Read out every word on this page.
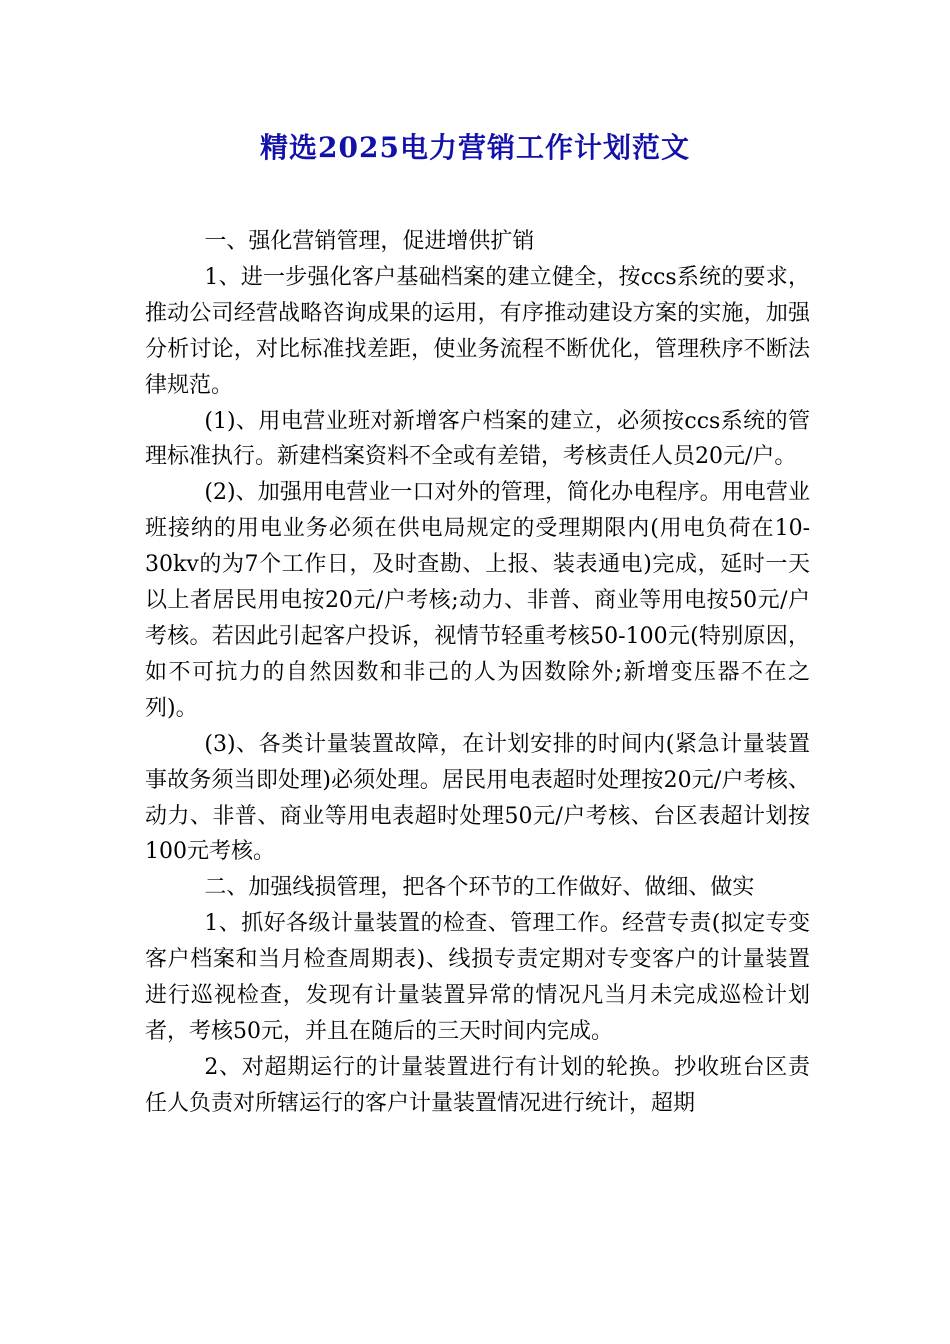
精选2025电力营销工作计划范文

一、强化营销管理，促进增供扩销

1、进一步强化客户基础档案的建立健全，按ccs系统的要求，推动公司经营战略咨询成果的运用，有序推动建设方案的实施，加强分析讨论，对比标准找差距，使业务流程不断优化，管理秩序不断法律规范。

(1)、用电营业班对新增客户档案的建立，必须按ccs系统的管理标准执行。新建档案资料不全或有差错，考核责任人员20元/户。

(2)、加强用电营业一口对外的管理，简化办电程序。用电营业班接纳的用电业务必须在供电局规定的受理期限内(用电负荷在10-30kv的为7个工作日，及时查勘、上报、装表通电)完成，延时一天以上者居民用电按20元/户考核;动力、非普、商业等用电按50元/户考核。若因此引起客户投诉，视情节轻重考核50-100元(特别原因，如不可抗力的自然因数和非己的人为因数除外;新增变压器不在之列)。

(3)、各类计量装置故障，在计划安排的时间内(紧急计量装置事故务须当即处理)必须处理。居民用电表超时处理按20元/户考核、动力、非普、商业等用电表超时处理50元/户考核、台区表超计划按100元考核。

二、加强线损管理，把各个环节的工作做好、做细、做实

1、抓好各级计量装置的检查、管理工作。经营专责(拟定专变客户档案和当月检查周期表)、线损专责定期对专变客户的计量装置进行巡视检查，发现有计量装置异常的情况凡当月未完成巡检计划者，考核50元，并且在随后的三天时间内完成。

2、对超期运行的计量装置进行有计划的轮换。抄收班台区责任人负责对所辖运行的客户计量装置情况进行统计，超期
